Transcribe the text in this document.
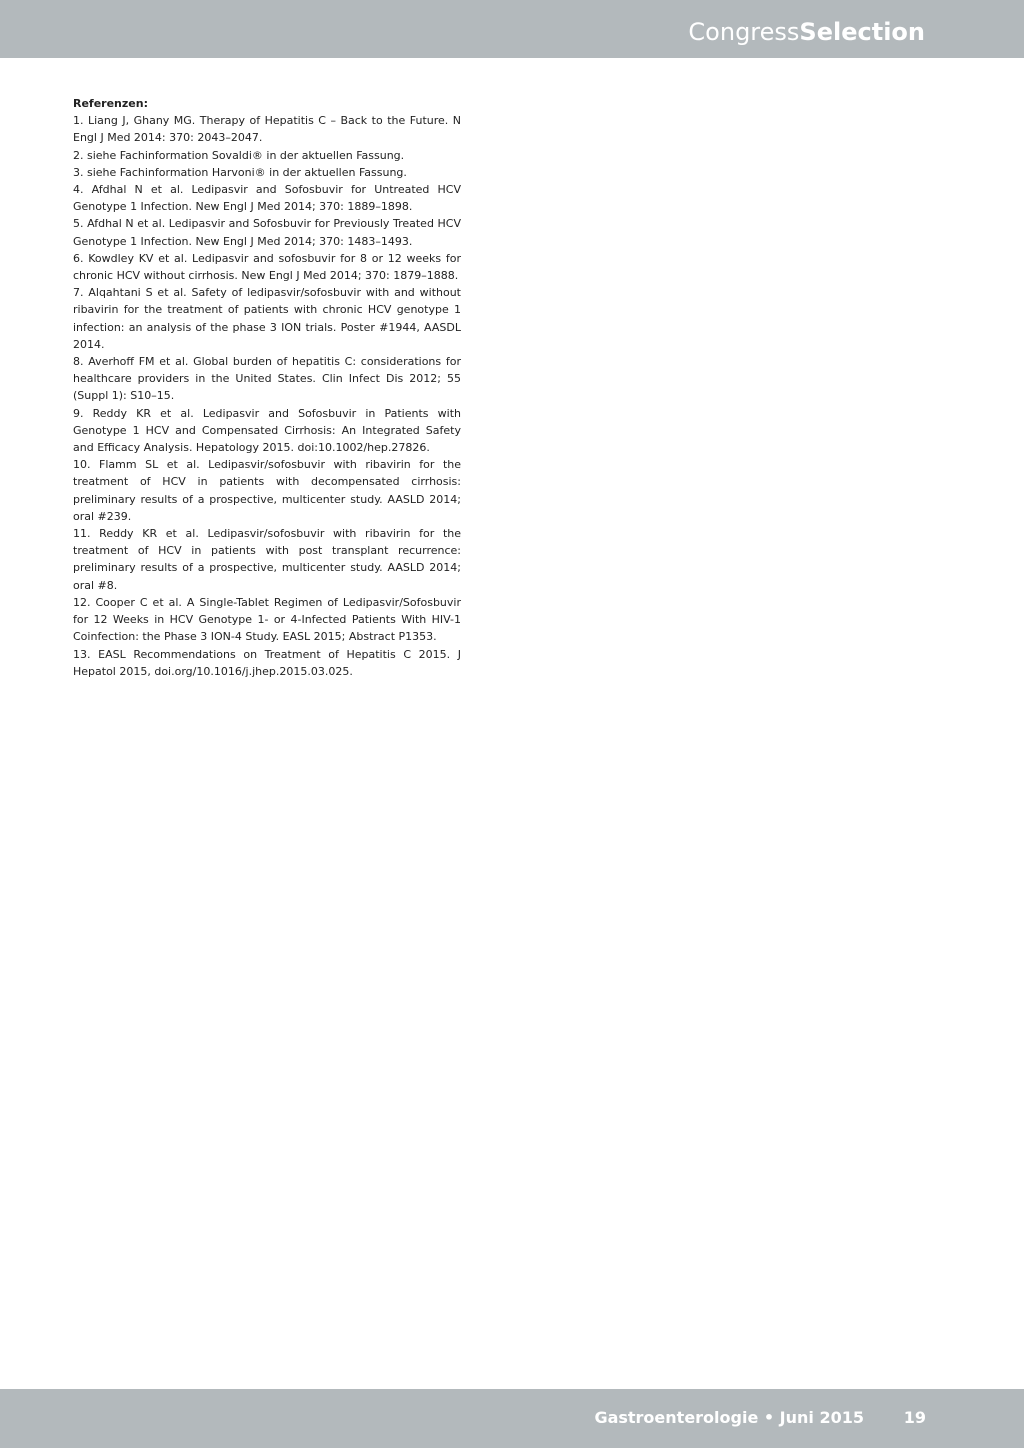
CongressSelection

Referenzen:

1. Liang J, Ghany MG. Therapy of Hepatitis C – Back to the Future. N Engl J Med 2014: 370: 2043–2047.
2. siehe Fachinformation Sovaldi® in der aktuellen Fassung.
3. siehe Fachinformation Harvoni® in der aktuellen Fassung.
4. Afdhal N et al. Ledipasvir and Sofosbuvir for Untreated HCV Genotype 1 Infection. New Engl J Med 2014; 370: 1889–1898.
5. Afdhal N et al. Ledipasvir and Sofosbuvir for Previously Treated HCV Genotype 1 Infection. New Engl J Med 2014; 370: 1483–1493.
6. Kowdley KV et al. Ledipasvir and sofosbuvir for 8 or 12 weeks for chronic HCV without cirrhosis. New Engl J Med 2014; 370: 1879–1888.
7. Alqahtani S et al. Safety of ledipasvir/sofosbuvir with and without ribavirin for the treatment of patients with chronic HCV genotype 1 infection: an analysis of the phase 3 ION trials. Poster #1944, AASDL 2014.
8. Averhoff FM et al. Global burden of hepatitis C: considerations for healthcare providers in the United States. Clin Infect Dis 2012; 55 (Suppl 1): S10–15.
9. Reddy KR et al. Ledipasvir and Sofosbuvir in Patients with Genotype 1 HCV and Compensated Cirrhosis: An Integrated Safety and Efficacy Analysis. Hepatology 2015. doi:10.1002/hep.27826.
10. Flamm SL et al. Ledipasvir/sofosbuvir with ribavirin for the treatment of HCV in patients with decompensated cirrhosis: preliminary results of a prospective, multicenter study. AASLD 2014; oral #239.
11. Reddy KR et al. Ledipasvir/sofosbuvir with ribavirin for the treatment of HCV in patients with post transplant recurrence: preliminary results of a prospective, multicenter study. AASLD 2014; oral #8.
12. Cooper C et al. A Single-Tablet Regimen of Ledipasvir/Sofosbuvir for 12 Weeks in HCV Genotype 1- or 4-Infected Patients With HIV-1 Coinfection: the Phase 3 ION-4 Study. EASL 2015; Abstract P1353.
13. EASL Recommendations on Treatment of Hepatitis C 2015. J Hepatol 2015, doi.org/10.1016/j.jhep.2015.03.025.
Gastroenterologie • Juni 2015 19
